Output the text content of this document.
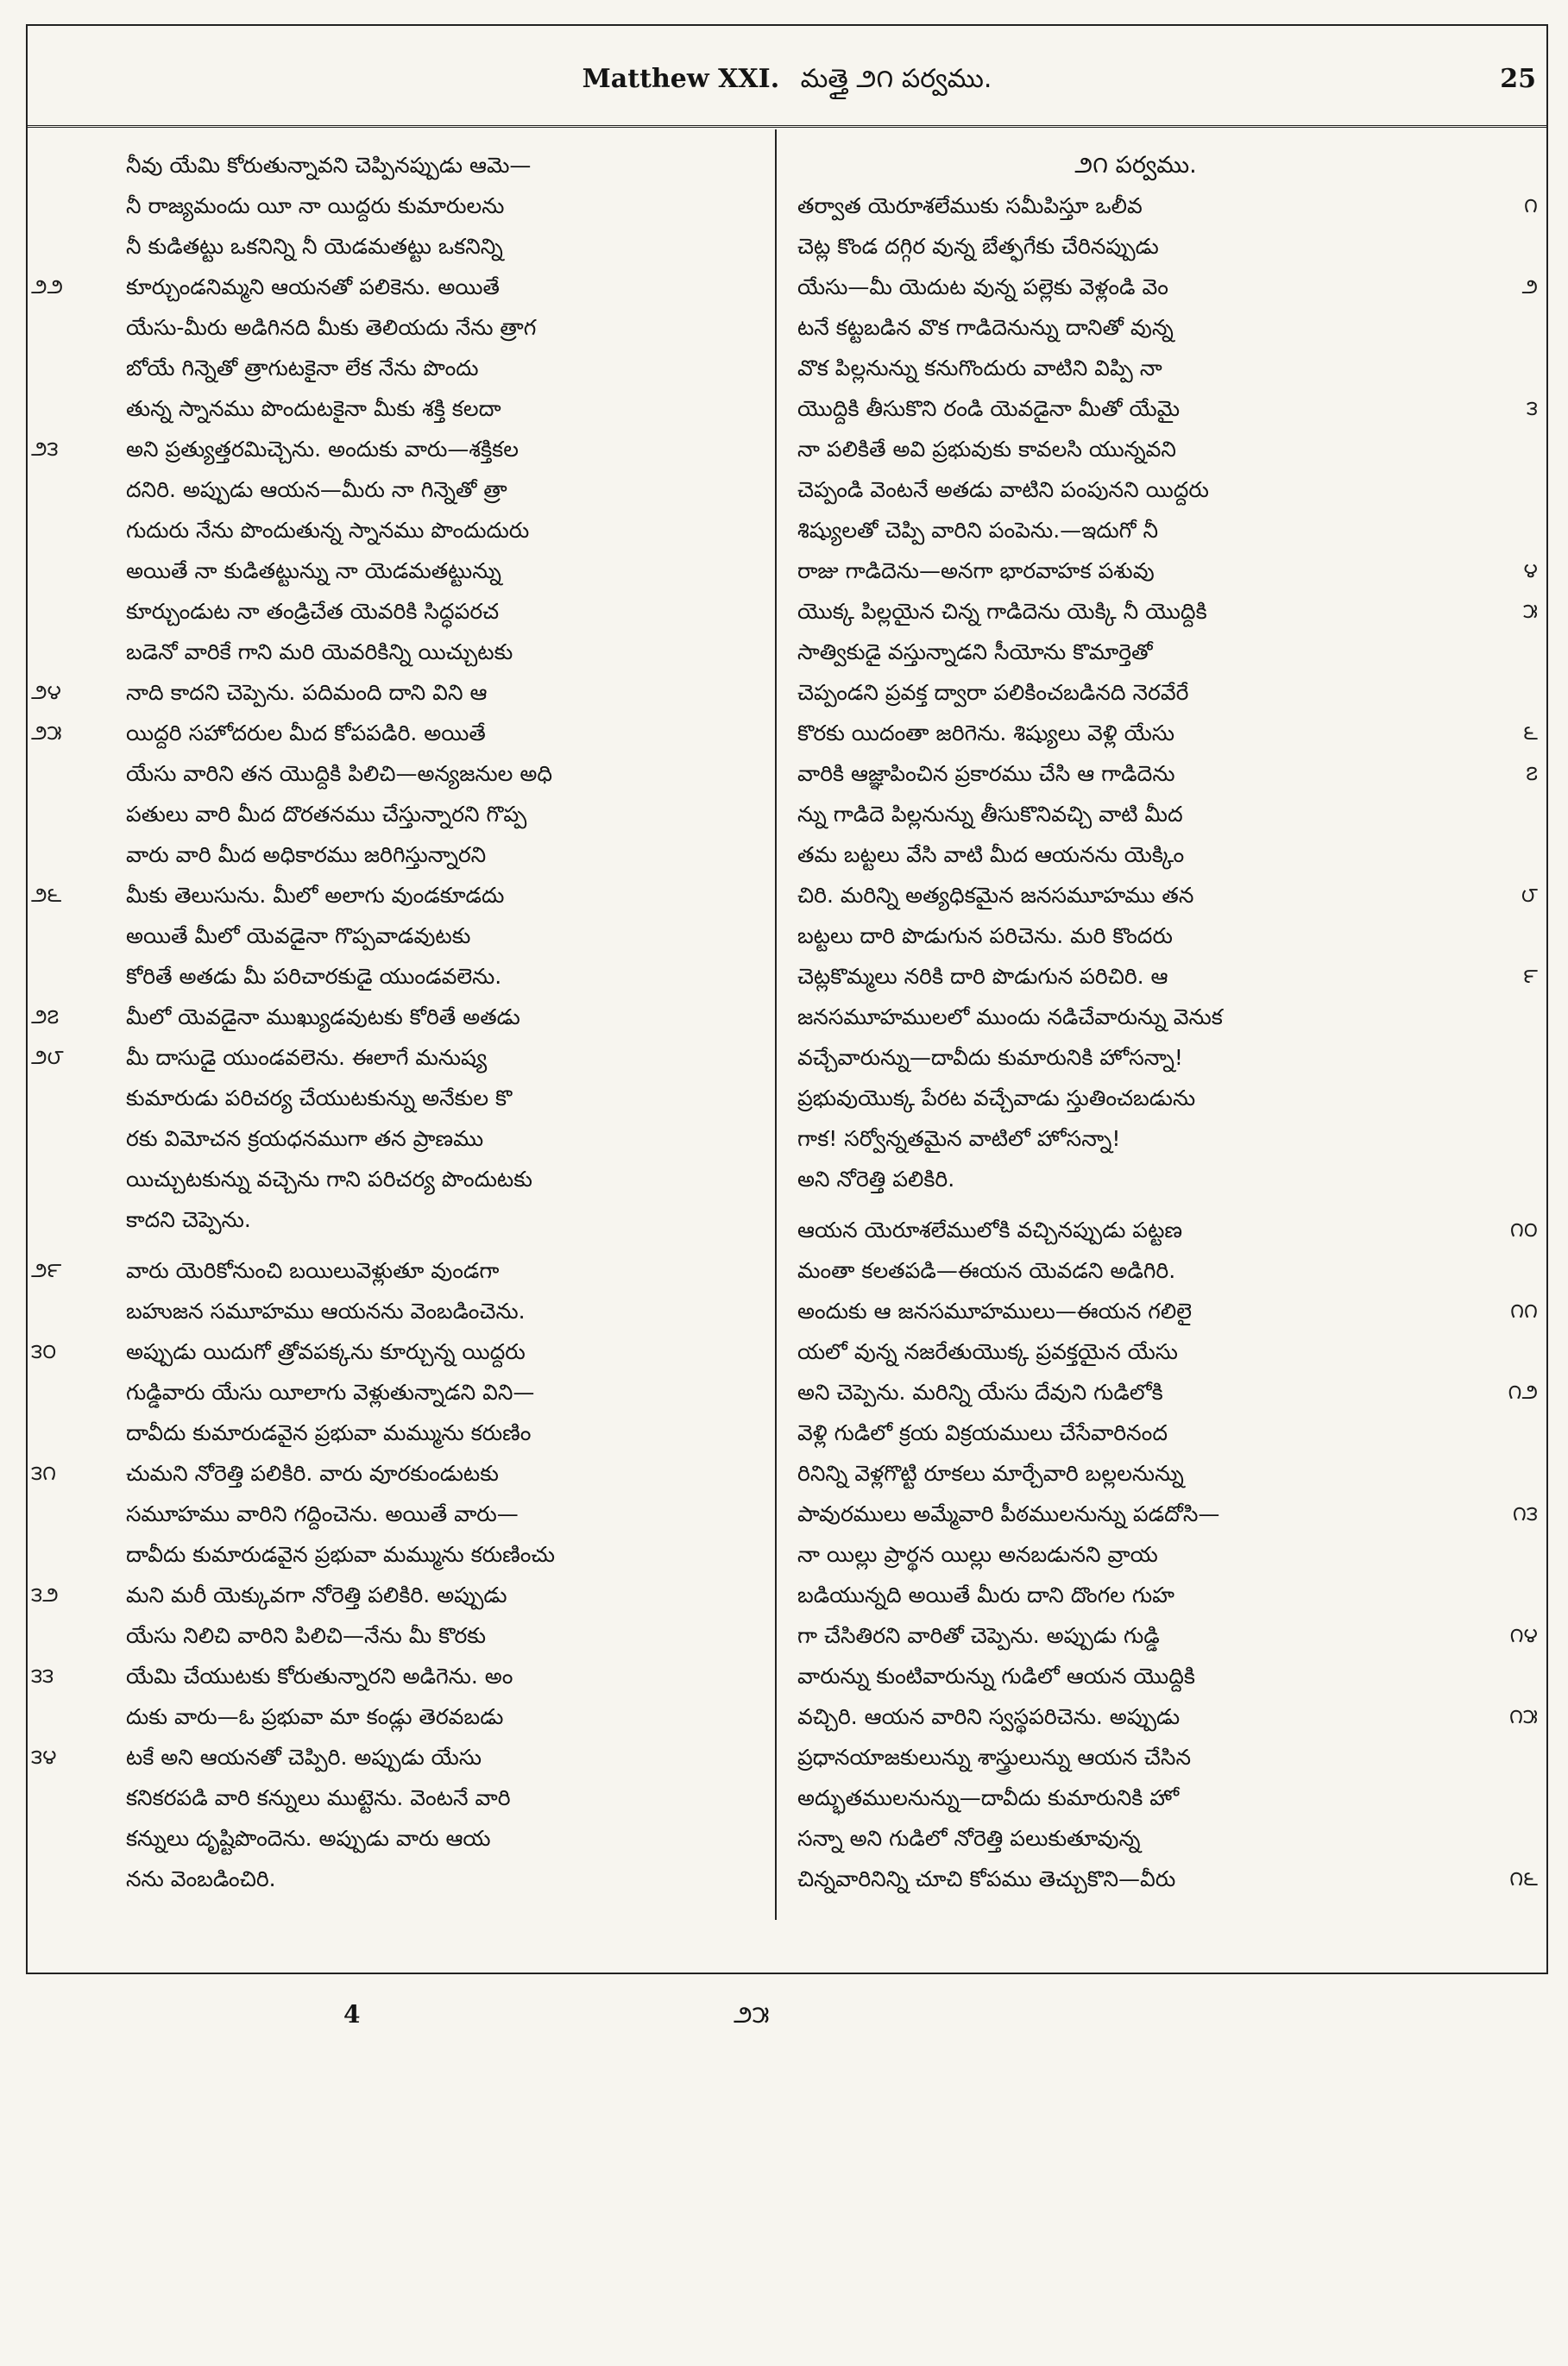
Matthew XXI. మత్తై ౨౧ పర్వము.	25
నీవు యేమి కోరుతున్నావని చెప్పినప్పుడు ఆమె—
నీ రాజ్యమందు యీ నా యిద్దరు కుమారులను
నీ కుడితట్టు ఒకనిన్ని నీ యెడమతట్టు ఒకనిన్ని
౨౨	కూర్చుండనిమ్మని ఆయనతో పలికెను. అయితే
యేసు-మీరు అడిగినది మీకు తెలియదు నేను త్రాగ
బోయే గిన్నెతో త్రాగుటకైనా లేక నేను పొందు
తున్న స్నానము పొందుటకైనా మీకు శక్తి కలదా
౨౩	అని ప్రత్యుత్తరమిచ్చెను. అందుకు వారు—శక్తికల
దనిరి. అప్పుడు ఆయన—మీరు నా గిన్నెతో త్రా
గుదురు నేను పొందుతున్న స్నానము పొందుదురు
అయితే నా కుడితట్టున్ను నా యెడమతట్టున్ను
కూర్చుండుట నా తండ్రిచేత యెవరికి సిద్ధపరచ
బడెనో వారికే గాని మరి యెవరికిన్ని యిచ్చుటకు
౨౪	నాది కాదని చెప్పెను. పదిమంది దాని విని ఆ
౨౫	యిద్దరి సహోదరుల మీద కోపపడిరి. అయితే
యేసు వారిని తన యొద్దికి పిలిచి—అన్యజనుల అధి
పతులు వారి మీద దొరతనము చేస్తున్నారని గొప్ప
వారు వారి మీద అధికారము జరిగిస్తున్నారని
౨౬	మీకు తెలుసును. మీలో అలాగు వుండకూడదు
అయితే మీలో యెవడైనా గొప్పవాడవుటకు
కోరితే అతడు మీ పరిచారకుడై యుండవలెను.
౨౭	మీలో యెవడైనా ముఖ్యుడవుటకు కోరితే అతడు
౨౮	మీ దాసుడై యుండవలెను. ఈలాగే మనుష్య
కుమారుడు పరిచర్య చేయుటకున్ను అనేకుల కొ
రకు విమోచన క్రయధనముగా తన ప్రాణము
యిచ్చుటకున్ను వచ్చెను గాని పరిచర్య పొందుటకు
కాదని చెప్పెను.
౨౯	వారు యెరికోనుంచి బయిలువెళ్లుతూ వుండగా
బహుజన సమూహము ఆయనను వెంబడించెను.
౩౦	అప్పుడు యిదుగో త్రోవపక్కను కూర్చున్న యిద్దరు
గుడ్డివారు యేసు యీలాగు వెళ్లుతున్నాడని విని—
దావీదు కుమారుడవైన ప్రభువా మమ్మును కరుణిం
౩౧	చుమని నోరెత్తి పలికిరి. వారు వూరకుండుటకు
సమూహము వారిని గద్దించెను. అయితే వారు—
దావీదు కుమారుడవైన ప్రభువా మమ్మును కరుణించు
౩౨	మని మరీ యెక్కువగా నోరెత్తి పలికిరి. అప్పుడు
యేసు నిలిచి వారిని పిలిచి—నేను మీ కొరకు
౩౩	యేమి చేయుటకు కోరుతున్నారని అడిగెను. అం
దుకు వారు—ఓ ప్రభువా మా కండ్లు తెరవబడు
౩౪	టకే అని ఆయనతో చెప్పిరి. అప్పుడు యేసు
కనికరపడి వారి కన్నులు ముట్టెను. వెంటనే వారి
కన్నులు దృష్టిపొందెను. అప్పుడు వారు ఆయ
నను వెంబడించిరి.
౨౧ పర్వము.
౧
తర్వాత యెరూశలేముకు సమీపిస్తూ ఒలీవ
చెట్ల కొండ దగ్గిర వున్న బేత్ఫగేకు చేరినప్పుడు
౨
యేసు—మీ యెదుట వున్న పల్లెకు వెళ్లండి వెం
టనే కట్టబడిన వొక గాడిదెనున్ను దానితో వున్న
వొక పిల్లనున్ను కనుగొందురు వాటిని విప్పి నా
౩
యొద్దికి తీసుకొని రండి యెవడైనా మీతో యేమై
నా పలికితే అవి ప్రభువుకు కావలసి యున్నవని
చెప్పండి వెంటనే అతడు వాటిని పంపునని యిద్దరు
శిష్యులతో చెప్పి వారిని పంపెను.—ఇదుగో నీ
౪
రాజు గాడిదెను—అనగా భారవాహక పశువు
౫
యొక్క పిల్లయైన చిన్న గాడిదెను యెక్కి నీ యొద్దికి
సాత్వికుడై వస్తున్నాడని సీయోను కొమార్తెతో
చెప్పండని ప్రవక్త ద్వారా పలికించబడినది నెరవేరే
౬
కొరకు యిదంతా జరిగెను. శిష్యులు వెళ్లి యేసు
౭
వారికి ఆజ్ఞాపించిన ప్రకారము చేసి ఆ గాడిదెను
న్ను గాడిదె పిల్లనున్ను తీసుకొనివచ్చి వాటి మీద
తమ బట్టలు వేసి వాటి మీద ఆయనను యెక్కిం
౮
చిరి. మరిన్ని అత్యధికమైన జనసమూహము తన
బట్టలు దారి పొడుగున పరిచెను. మరి కొందరు
౯
చెట్లకొమ్మలు నరికి దారి పొడుగున పరిచిరి. ఆ
జనసమూహములలో ముందు నడిచేవారున్ను వెనుక
వచ్చేవారున్ను—దావీదు కుమారునికి హోసన్నా!
ప్రభువుయొక్క పేరట వచ్చేవాడు స్తుతించబడును
గాక! సర్వోన్నతమైన వాటిలో హోసన్నా!
అని నోరెత్తి పలికిరి.
౧౦
ఆయన యెరూశలేములోకి వచ్చినప్పుడు పట్టణ
మంతా కలతపడి—ఈయన యెవడని అడిగిరి.
౧౧
అందుకు ఆ జనసమూహములు—ఈయన గలిలై
యలో వున్న నజరేతుయొక్క ప్రవక్తయైన యేసు
౧౨
అని చెప్పెను. మరిన్ని యేసు దేవుని గుడిలోకి
వెళ్లి గుడిలో క్రయ విక్రయములు చేసేవారినంద
రినిన్ని వెళ్లగొట్టి రూకలు మార్చేవారి బల్లలనున్ను
౧౩
పావురములు అమ్మేవారి పీఠములనున్ను పడదోసి—
నా యిల్లు ప్రార్థన యిల్లు అనబడునని వ్రాయ
బడియున్నది అయితే మీరు దాని దొంగల గుహ
౧౪
గా చేసితిరని వారితో చెప్పెను. అప్పుడు గుడ్డి
వారున్ను కుంటివారున్ను గుడిలో ఆయన యొద్దికి
౧౫
వచ్చిరి. ఆయన వారిని స్వస్థపరిచెను. అప్పుడు
ప్రధానయాజకులున్ను శాస్త్రులున్ను ఆయన చేసిన
అద్భుతములనున్ను—దావీదు కుమారునికి హో
సన్నా అని గుడిలో నోరెత్తి పలుకుతూవున్న
౧౬
చిన్నవారినిన్ని చూచి కోపము తెచ్చుకొని—వీరు
4	౨౫
